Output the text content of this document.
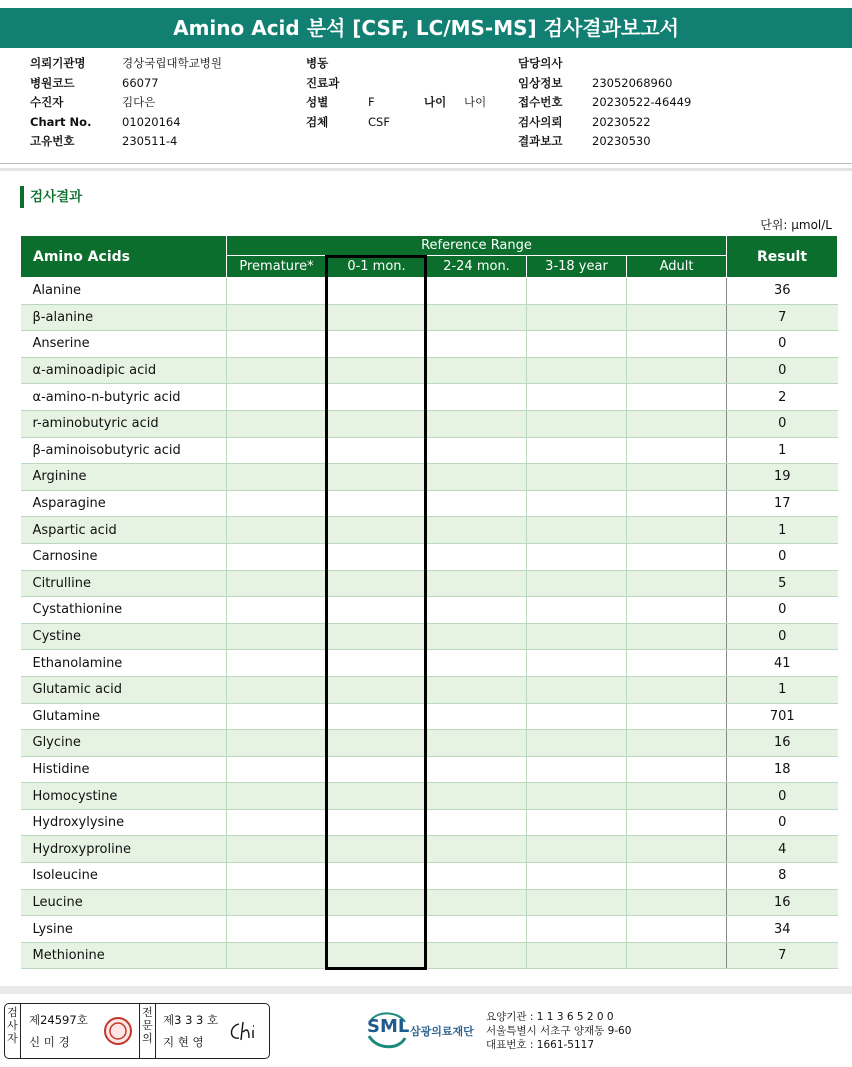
Amino Acid 분석 [CSF, LC/MS-MS] 검사결과보고서
의뢰기관명	경상국립대학교병원
병원코드	66077
수진자	김다은
Chart No.	01020164
고유번호	230511-4
병동
진료과
성별	F	나이 나이
검체	CSF
담당의사
임상정보	23052068960
접수번호	20230522-46449
검사의뢰	20230522
결과보고	20230530
검사결과
단위: μmol/L
Amino Acids	Reference Range					Result
	Premature*	0-1 mon.	2-24 mon.	3-18 year	Adult	
Alanine						36
β-alanine						7
Anserine						0
α-aminoadipic acid						0
α-amino-n-butyric acid						2
r-aminobutyric acid						0
β-aminoisobutyric acid						1
Arginine						19
Asparagine						17
Aspartic acid						1
Carnosine						0
Citrulline						5
Cystathionine						0
Cystine						0
Ethanolamine						41
Glutamic acid						1
Glutamine						701
Glycine						16
Histidine						18
Homocystine						0
Hydroxylysine						0
Hydroxyproline						4
Isoleucine						8
Leucine						16
Lysine						34
Methionine						7
검
사
자
제24597호
신 미 경
전
문
의
제3 3 3 호
지 현 영
SML 삼광의료재단
요양기관 : 1 1 3 6 5 2 0 0
서울특별시 서초구 양재동 9-60
대표번호 : 1661-5117
